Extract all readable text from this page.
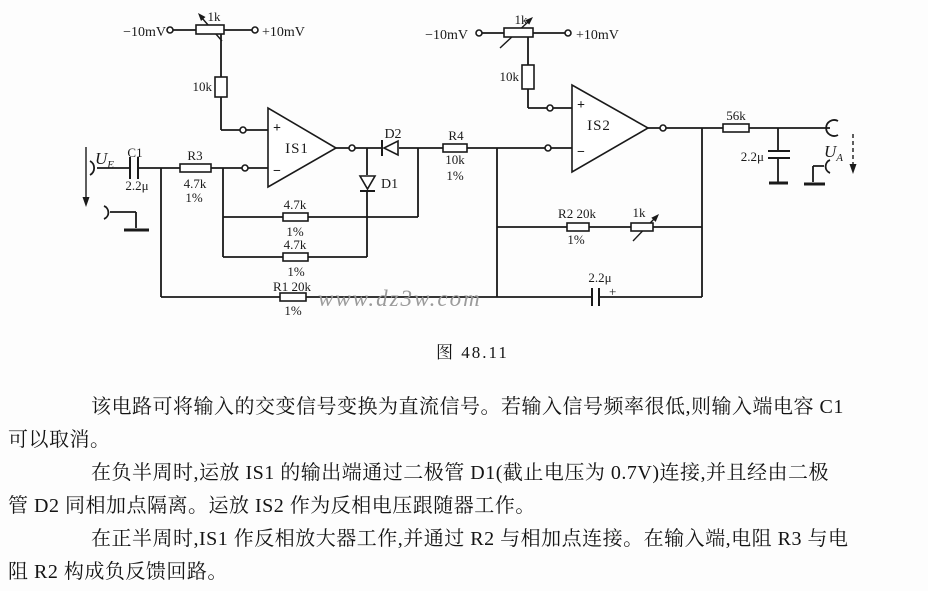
−10mV	+10mV
1k
10k
−10mV	+10mV
1k
10k
+
−
IS1
+
−
IS2
C1
2.2μ
R3
4.7k
1%
D2
D1
R4
10k
1%
4.7k
1%
4.7k
1%
R1 20k
1%
R2 20k
1%
1k
2.2μ
+
56k
2.2μ
$U_E$
$U_A$
www.dz3w.com
图 48.11

该电路可将输入的交变信号变换为直流信号。若输入信号频率很低,则输入端电容 C1

可以取消。

在负半周时,运放 IS1 的输出端通过二极管 D1(截止电压为 0.7V)连接,并且经由二极

管 D2 同相加点隔离。运放 IS2 作为反相电压跟随器工作。

在正半周时,IS1 作反相放大器工作,并通过 R2 与相加点连接。在输入端,电阻 R3 与电

阻 R2 构成负反馈回路。
